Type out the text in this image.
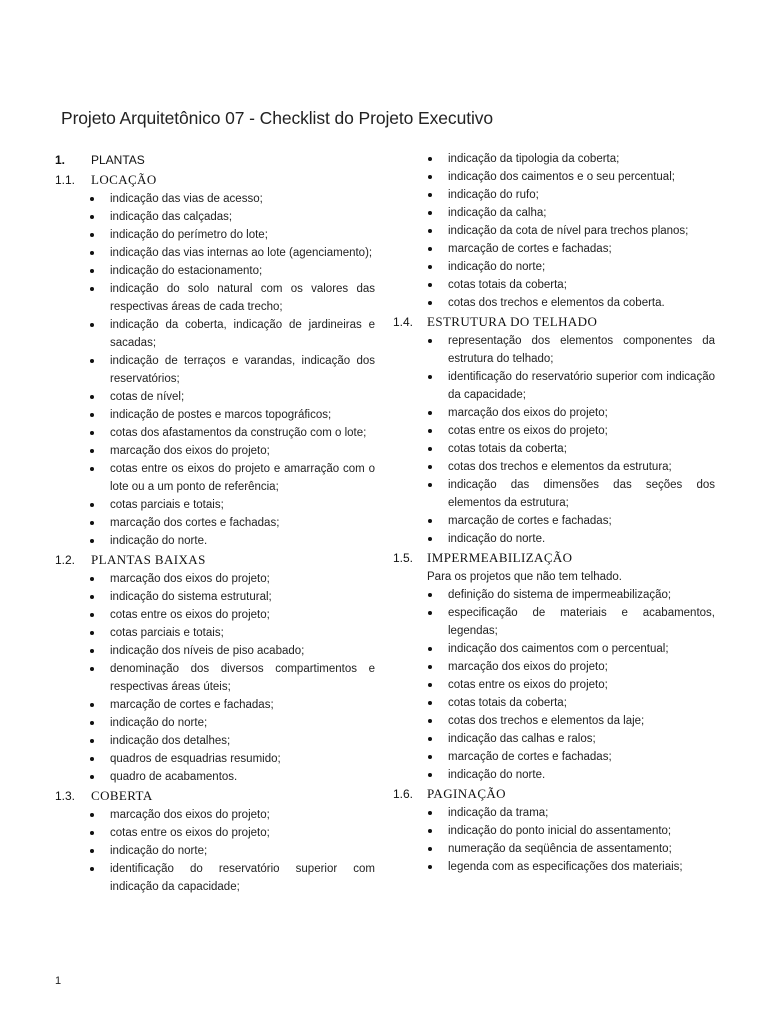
Projeto Arquitetônico 07 - Checklist do Projeto Executivo
1.	PLANTAS
1.1.	LOCAÇÃO
indicação das vias de acesso;
indicação das calçadas;
indicação do perímetro do lote;
indicação das vias internas ao lote (agenciamento);
indicação do estacionamento;
indicação do solo natural com os valores das respectivas áreas de cada trecho;
indicação da coberta, indicação de jardineiras e sacadas;
indicação de terraços e varandas, indicação dos reservatórios;
cotas de nível;
indicação de postes e marcos topográficos;
cotas dos afastamentos da construção com o lote;
marcação dos eixos do projeto;
cotas entre os eixos do projeto e amarração com o lote ou a um ponto de referência;
cotas parciais e totais;
marcação dos cortes e fachadas;
indicação do norte.
1.2.	PLANTAS BAIXAS
marcação dos eixos do projeto;
indicação do sistema estrutural;
cotas entre os eixos do projeto;
cotas parciais e totais;
indicação dos níveis de piso acabado;
denominação dos diversos compartimentos e respectivas áreas úteis;
marcação de cortes e fachadas;
indicação do norte;
indicação dos detalhes;
quadros de esquadrias resumido;
quadro de acabamentos.
1.3.	COBERTA
marcação dos eixos do projeto;
cotas entre os eixos do projeto;
indicação do norte;
identificação do reservatório superior com indicação da capacidade;
indicação da tipologia da coberta;
indicação dos caimentos e o seu percentual;
indicação do rufo;
indicação da calha;
indicação da cota de nível para trechos planos;
marcação de cortes e fachadas;
indicação do norte;
cotas totais da coberta;
cotas dos trechos e elementos da coberta.
1.4.	ESTRUTURA DO TELHADO
representação dos elementos componentes da estrutura do telhado;
identificação do reservatório superior com indicação da capacidade;
marcação dos eixos do projeto;
cotas entre os eixos do projeto;
cotas totais da coberta;
cotas dos trechos e elementos da estrutura;
indicação das dimensões das seções dos elementos da estrutura;
marcação de cortes e fachadas;
indicação do norte.
1.5.	IMPERMEABILIZAÇÃO
Para os projetos que não tem telhado.
definição do sistema de impermeabilização;
especificação de materiais e acabamentos, legendas;
indicação dos caimentos com o percentual;
marcação dos eixos do projeto;
cotas entre os eixos do projeto;
cotas totais da coberta;
cotas dos trechos e elementos da laje;
indicação das calhas e ralos;
marcação de cortes e fachadas;
indicação do norte.
1.6.	PAGINAÇÃO
indicação da trama;
indicação do ponto inicial do assentamento;
numeração da seqüência de assentamento;
legenda com as especificações dos materiais;
1
